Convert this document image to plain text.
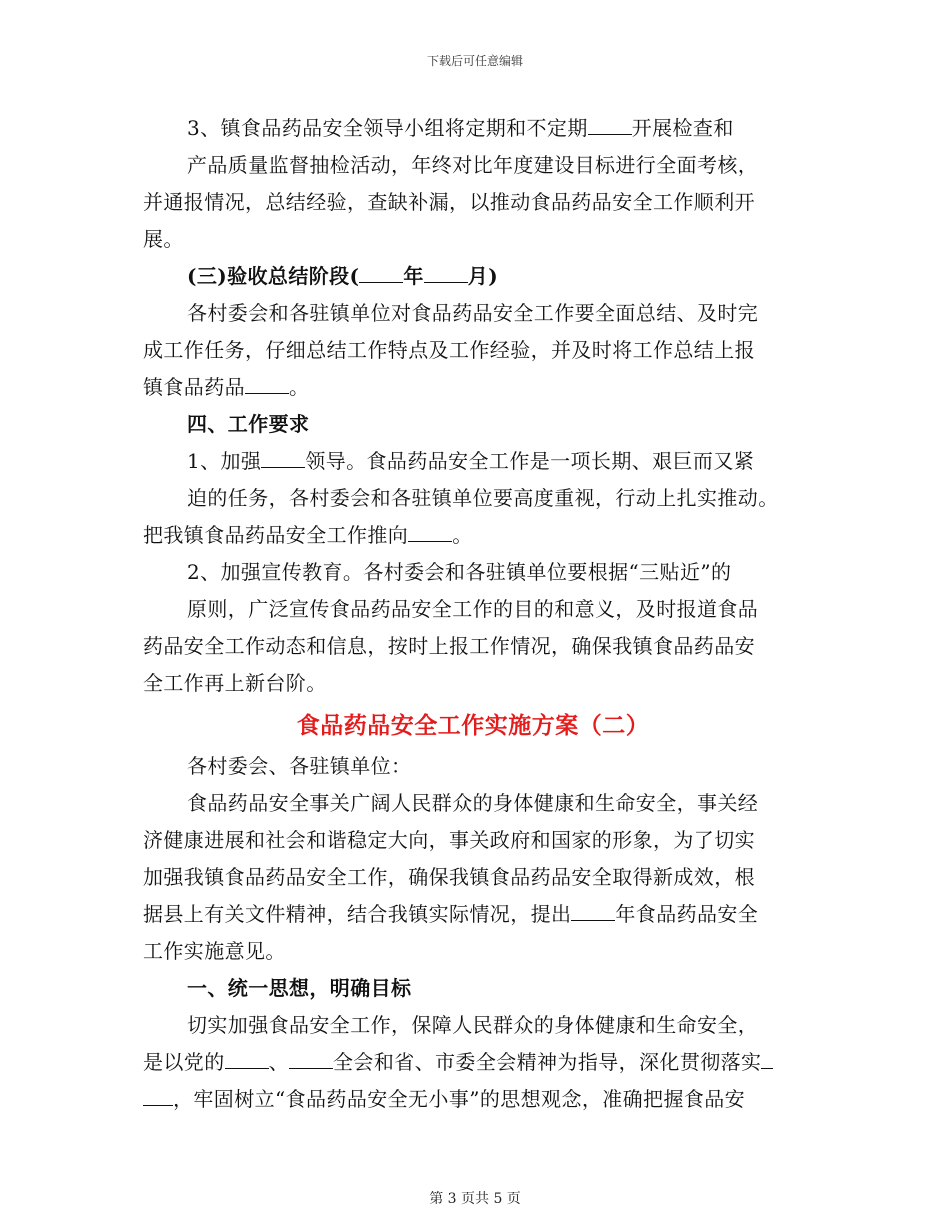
下载后可任意编辑
3、镇食品药品安全领导小组将定期和不定期 开展检查和
产品质量监督抽检活动，年终对比年度建设目标进行全面考核，
并通报情况，总结经验，查缺补漏，以推动食品药品安全工作顺利开
展。
(三)验收总结阶段( 年 月)
各村委会和各驻镇单位对食品药品安全工作要全面总结、及时完
成工作任务，仔细总结工作特点及工作经验，并及时将工作总结上报
镇食品药品 。
四、工作要求
1、加强 领导。食品药品安全工作是一项长期、艰巨而又紧
迫的任务，各村委会和各驻镇单位要高度重视，行动上扎实推动。
把我镇食品药品安全工作推向 。
2、加强宣传教育。各村委会和各驻镇单位要根据“三贴近”的
原则，广泛宣传食品药品安全工作的目的和意义，及时报道食品
药品安全工作动态和信息，按时上报工作情况，确保我镇食品药品安
全工作再上新台阶。
食品药品安全工作实施方案（二）
各村委会、各驻镇单位：
食品药品安全事关广阔人民群众的身体健康和生命安全，事关经
济健康进展和社会和谐稳定大向，事关政府和国家的形象，为了切实
加强我镇食品药品安全工作，确保我镇食品药品安全取得新成效，根
据县上有关文件精神，结合我镇实际情况，提出 年食品药品安全
工作实施意见。
一、统一思想，明确目标
切实加强食品安全工作，保障人民群众的身体健康和生命安全，
是以党的 、 全会和省、市委全会精神为指导，深化贯彻落实
，牢固树立“食品药品安全无小事”的思想观念，准确把握食品安
第 3 页共 5 页
